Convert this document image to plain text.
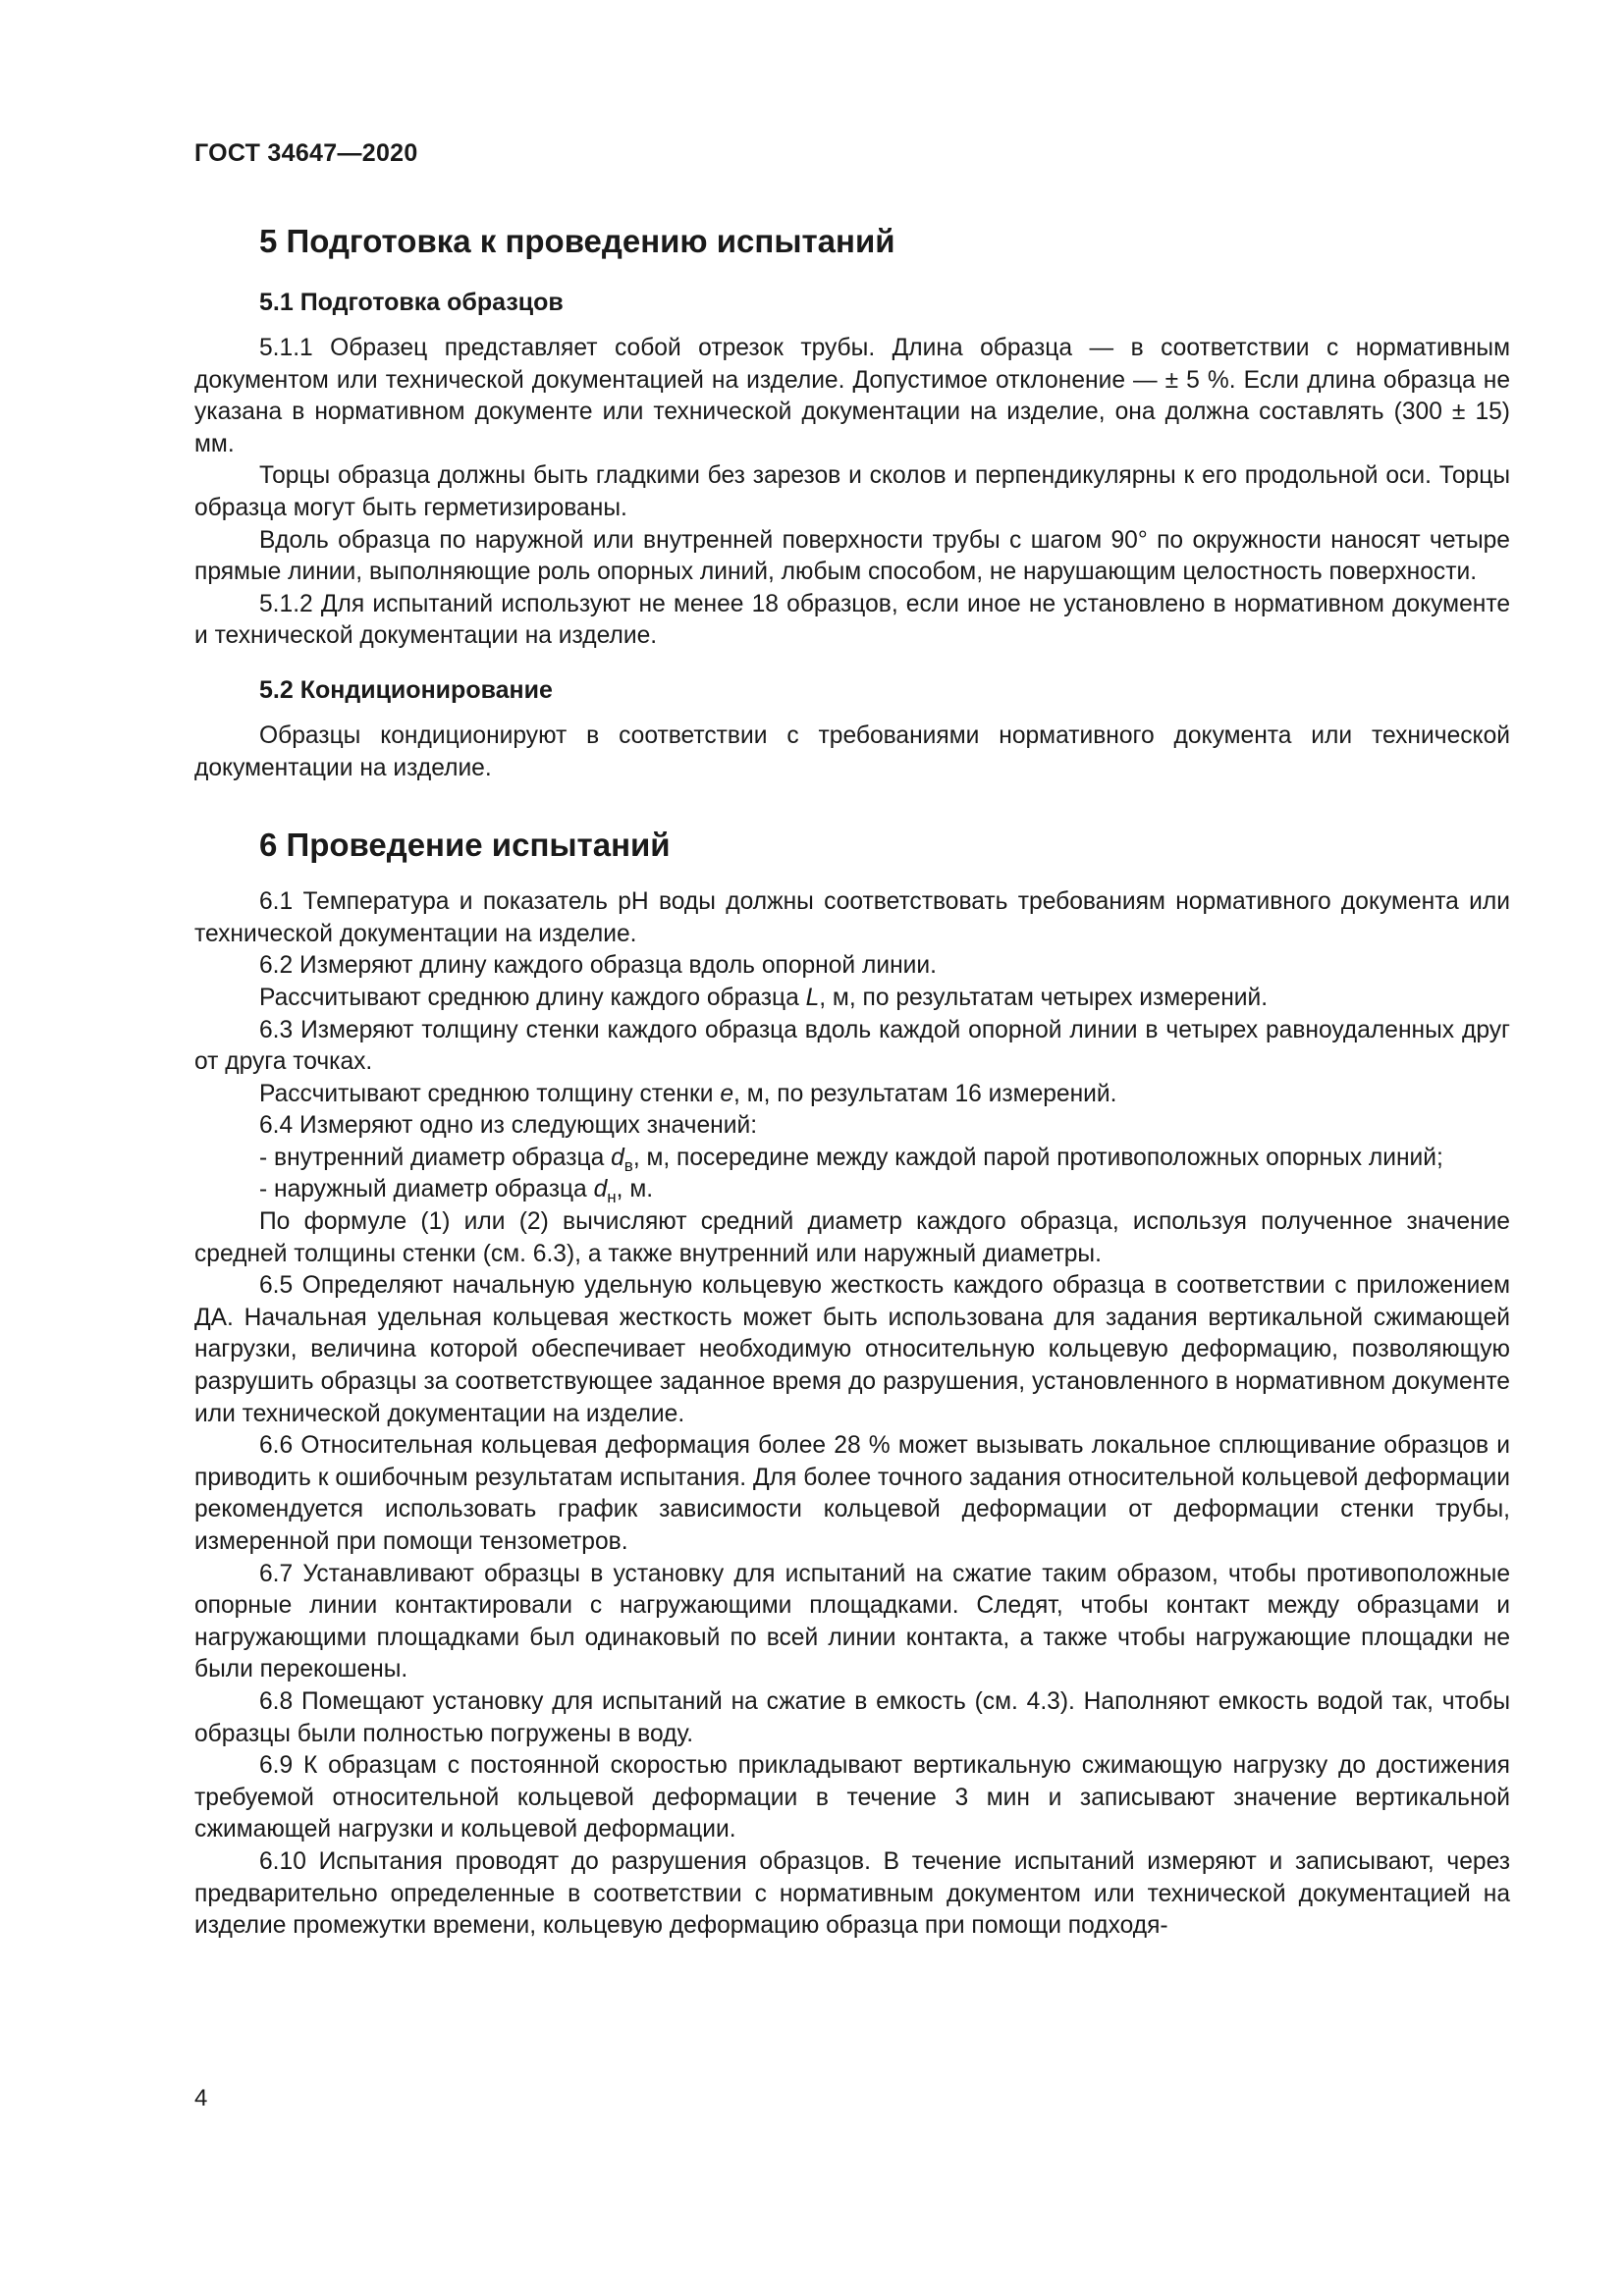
ГОСТ 34647—2020
5 Подготовка к проведению испытаний
5.1 Подготовка образцов

5.1.1 Образец представляет собой отрезок трубы. Длина образца — в соответствии с нормативным документом или технической документацией на изделие. Допустимое отклонение — ± 5 %. Если длина образца не указана в нормативном документе или технической документации на изделие, она должна составлять (300 ± 15) мм.

Торцы образца должны быть гладкими без зарезов и сколов и перпендикулярны к его продольной оси. Торцы образца могут быть герметизированы.

Вдоль образца по наружной или внутренней поверхности трубы с шагом 90° по окружности наносят четыре прямые линии, выполняющие роль опорных линий, любым способом, не нарушающим целостность поверхности.

5.1.2 Для испытаний используют не менее 18 образцов, если иное не установлено в нормативном документе и технической документации на изделие.

5.2 Кондиционирование

Образцы кондиционируют в соответствии с требованиями нормативного документа или технической документации на изделие.

6 Проведение испытаний

6.1 Температура и показатель pH воды должны соответствовать требованиям нормативного документа или технической документации на изделие.

6.2 Измеряют длину каждого образца вдоль опорной линии.

Рассчитывают среднюю длину каждого образца L, м, по результатам четырех измерений.

6.3 Измеряют толщину стенки каждого образца вдоль каждой опорной линии в четырех равноудаленных друг от друга точках.

Рассчитывают среднюю толщину стенки e, м, по результатам 16 измерений.

6.4 Измеряют одно из следующих значений:

- внутренний диаметр образца $d_в$, м, посередине между каждой парой противоположных опорных линий;

- наружный диаметр образца $d_н$, м.

По формуле (1) или (2) вычисляют средний диаметр каждого образца, используя полученное значение средней толщины стенки (см. 6.3), а также внутренний или наружный диаметры.

6.5 Определяют начальную удельную кольцевую жесткость каждого образца в соответствии с приложением ДА. Начальная удельная кольцевая жесткость может быть использована для задания вертикальной сжимающей нагрузки, величина которой обеспечивает необходимую относительную кольцевую деформацию, позволяющую разрушить образцы за соответствующее заданное время до разрушения, установленного в нормативном документе или технической документации на изделие.

6.6 Относительная кольцевая деформация более 28 % может вызывать локальное сплющивание образцов и приводить к ошибочным результатам испытания. Для более точного задания относительной кольцевой деформации рекомендуется использовать график зависимости кольцевой деформации от деформации стенки трубы, измеренной при помощи тензометров.

6.7 Устанавливают образцы в установку для испытаний на сжатие таким образом, чтобы противоположные опорные линии контактировали с нагружающими площадками. Следят, чтобы контакт между образцами и нагружающими площадками был одинаковый по всей линии контакта, а также чтобы нагружающие площадки не были перекошены.

6.8 Помещают установку для испытаний на сжатие в емкость (см. 4.3). Наполняют емкость водой так, чтобы образцы были полностью погружены в воду.

6.9 К образцам с постоянной скоростью прикладывают вертикальную сжимающую нагрузку до достижения требуемой относительной кольцевой деформации в течение 3 мин и записывают значение вертикальной сжимающей нагрузки и кольцевой деформации.

6.10 Испытания проводят до разрушения образцов. В течение испытаний измеряют и записывают, через предварительно определенные в соответствии с нормативным документом или технической документацией на изделие промежутки времени, кольцевую деформацию образца при помощи подходя-

4
